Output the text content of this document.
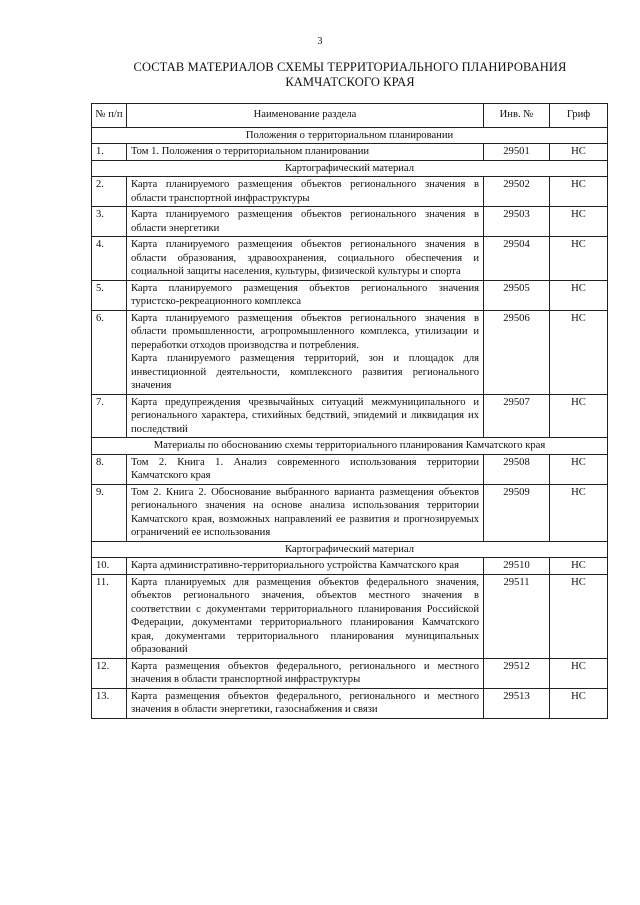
3
СОСТАВ МАТЕРИАЛОВ СХЕМЫ ТЕРРИТОРИАЛЬНОГО ПЛАНИРОВАНИЯ
КАМЧАТСКОГО КРАЯ
№ п/п	Наименование раздела	Инв. №	Гриф
Положения о территориальном планировании			
1.	Том 1. Положения о территориальном планировании	29501	НС
Картографический материал			
2.	Карта планируемого размещения объектов регионального значения в области транспортной инфраструктуры	29502	НС
3.	Карта планируемого размещения объектов регионального значения в области энергетики	29503	НС
4.	Карта планируемого размещения объектов регионального значения в области образования, здравоохранения, социального обеспечения и социальной защиты населения, культуры, физической культуры и спорта	29504	НС
5.	Карта планируемого размещения объектов регионального значения туристско-рекреационного комплекса	29505	НС
6.	Карта планируемого размещения объектов регионального значения в области промышленности, агропромышленного комплекса, утилизации и переработки отходов производства и потребления.
Карта планируемого размещения территорий, зон и площадок для инвестиционной деятельности, комплексного развития регионального значения	29506	НС
7.	Карта предупреждения чрезвычайных ситуаций межмуниципального и регионального характера, стихийных бедствий, эпидемий и ликвидация их последствий	29507	НС
Материалы по обоснованию схемы территориального планирования Камчатского края			
8.	Том 2. Книга 1. Анализ современного использования территории Камчатского края	29508	НС
9.	Том 2. Книга 2. Обоснование выбранного варианта размещения объектов регионального значения на основе анализа использования территории Камчатского края, возможных направлений ее развития и прогнозируемых ограничений ее использования	29509	НС
Картографический материал			
10.	Карта административно-территориального устройства Камчатского края	29510	НС
11.	Карта планируемых для размещения объектов федерального значения, объектов регионального значения, объектов местного значения в соответствии с документами территориального планирования Российской Федерации, документами территориального планирования Камчатского края, документами территориального планирования муниципальных образований	29511	НС
12.	Карта размещения объектов федерального, регионального и местного значения в области транспортной инфраструктуры	29512	НС
13.	Карта размещения объектов федерального, регионального и местного значения в области энергетики, газоснабжения и связи	29513	НС
